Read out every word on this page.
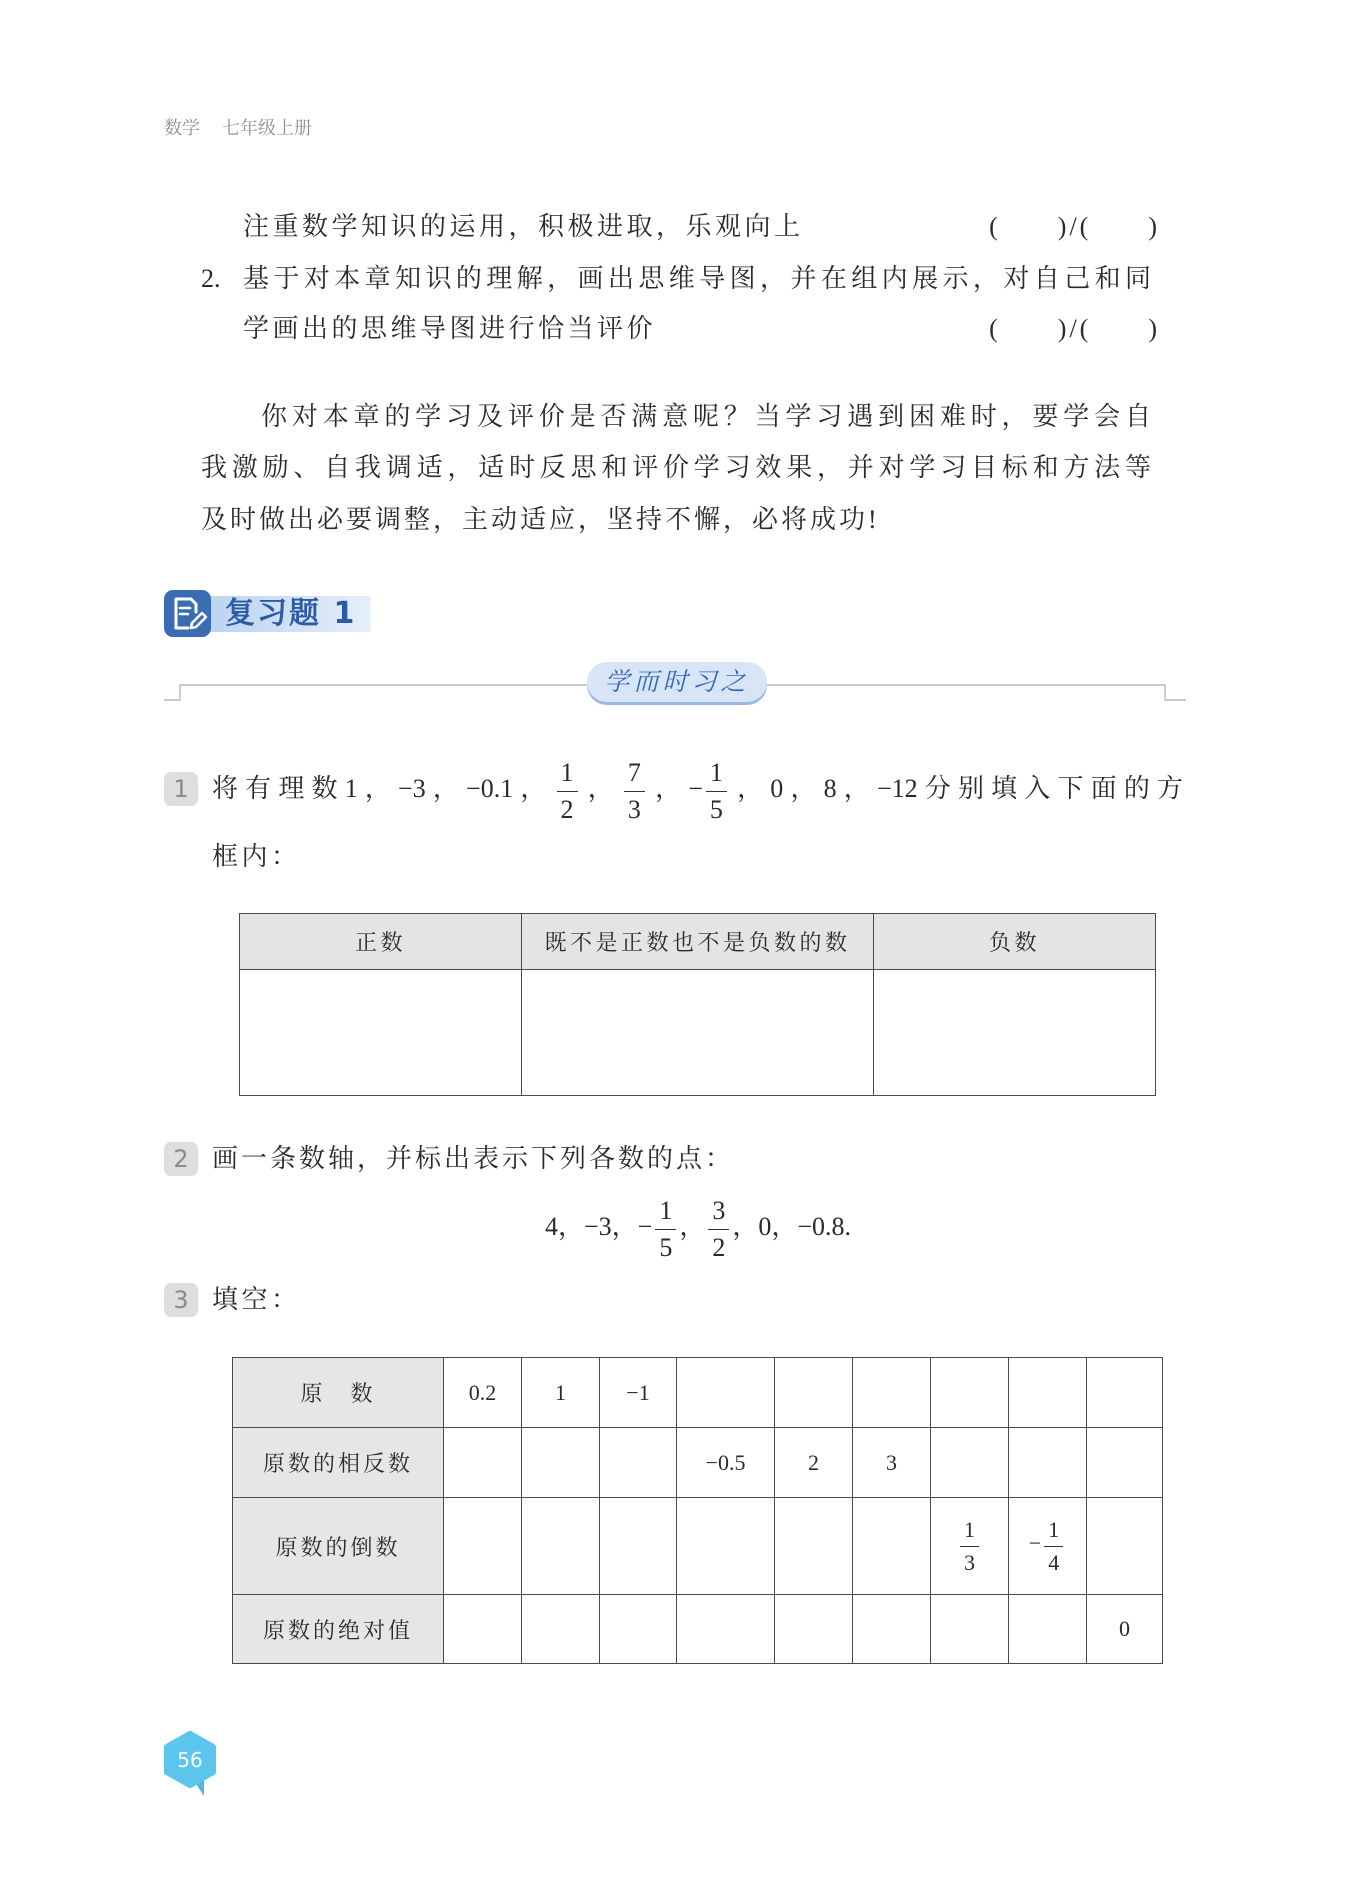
数学 七年级上册
注重数学知识的运用，积极进取，乐观向上	(      )/(      )
2. 基于对本章知识的理解，画出思维导图，并在组内展示，对自己和同
学画出的思维导图进行恰当评价	(      )/(      )
你对本章的学习及评价是否满意呢？当学习遇到困难时，要学会自
我激励、自我调适，适时反思和评价学习效果，并对学习目标和方法等
及时做出必要调整，主动适应，坚持不懈，必将成功!
复习题 1
学而时习之
1 将有理数1，−3，−0.1， $\frac{1}{2}$ ， $\frac{7}{3}$ ，− $\frac{1}{5}$ ，0，8，−12分别填入下面的方
框内：
正数	既不是正数也不是负数的数	负数

2 画一条数轴，并标出表示下列各数的点：
4，−3，− $\frac{1}{5}$ ， $\frac{3}{2}$ ，0，−0.8.
3 填空：
原　数	0.2	1	−1						
原数的相反数				−0.5	2	3			
原数的倒数							$\frac{1}{3}$	− $\frac{1}{4}$

原数的绝对值									0
56
